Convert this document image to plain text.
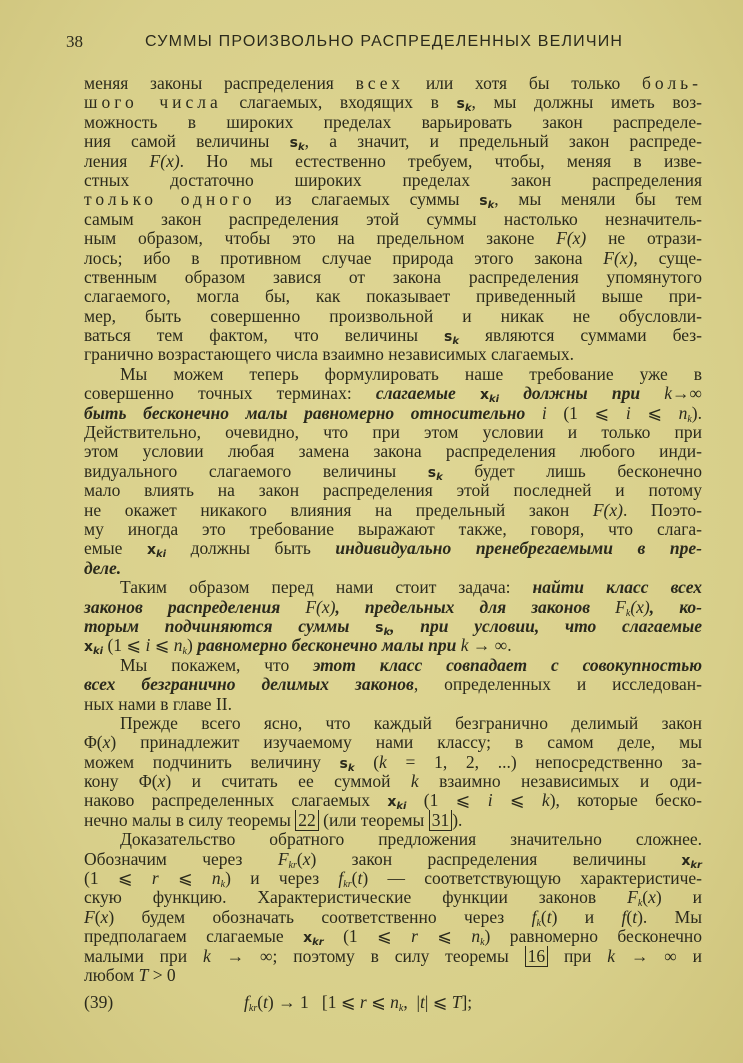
38	СУММЫ ПРОИЗВОЛЬНО РАСПРЕДЕЛЕННЫХ ВЕЛИЧИН
меняя законы распределения всех или хотя бы только боль-
шого числа слагаемых, входящих в $s_k$, мы должны иметь воз-
можность в широких пределах варьировать закон распределе-
ния самой величины $s_k$, а значит, и предельный закон распреде-
ления F(x). Но мы естественно требуем, чтобы, меняя в изве-
стных достаточно широких пределах закон распределения
только одного из слагаемых суммы $s_k$, мы меняли бы тем
самым закон распределения этой суммы настолько незначитель-
ным образом, чтобы это на предельном законе F(x) не отрази-
лось; ибо в противном случае природа этого закона F(x), суще-
ственным образом завися от закона распределения упомянутого
слагаемого, могла бы, как показывает приведенный выше при-
мер, быть совершенно произвольной и никак не обусловли-
ваться тем фактом, что величины $s_k$ являются суммами без-
гранично возрастающего числа взаимно независимых слагаемых.
Мы можем теперь формулировать наше требование уже в
совершенно точных терминах: слагаемые $x_{ki}$ должны при k→∞
быть бесконечно малы равномерно относительно i (1 ⩽ i ⩽ $n_k$).
Действительно, очевидно, что при этом условии и только при
этом условии любая замена закона распределения любого инди-
видуального слагаемого величины $s_k$ будет лишь бесконечно
мало влиять на закон распределения этой последней и потому
не окажет никакого влияния на предельный закон F(x). Поэто-
му иногда это требование выражают также, говоря, что слага-
емые $x_{ki}$ должны быть индивидуально пренебрегаемыми в пре-
деле.
Таким образом перед нами стоит задача: найти класс всех
законов распределения F(x), предельных для законов $F_k(x)$, ко-
торым подчиняются суммы $s_k$, при условии, что слагаемые
$x_{ki}$ (1 ⩽ i ⩽ $n_k$) равномерно бесконечно малы при k → ∞.
Мы покажем, что этот класс совпадает с совокупностью
всех безгранично делимых законов, определенных и исследован-
ных нами в главе II.
Прежде всего ясно, что каждый безгранично делимый закон
Φ(x) принадлежит изучаемому нами классу; в самом деле, мы
можем подчинить величину $s_k$ (k = 1, 2, ...) непосредственно за-
кону Φ(x) и считать ее суммой k взаимно независимых и оди-
наково распределенных слагаемых $x_{ki}$ (1 ⩽ i ⩽ k), которые беско-
нечно малы в силу теоремы 22 (или теоремы 31 ).
Доказательство обратного предложения значительно сложнее.
Обозначим через $F_{kr}(x)$ закон распределения величины $x_{kr}$
(1 ⩽ r ⩽ $n_k$) и через $f_{kr}(t)$ — соответствующую характеристиче-
скую функцию. Характеристические функции законов $F_k(x)$ и
F(x) будем обозначать соответственно через $f_k(t)$ и f(t). Мы
предполагаем слагаемые $x_{kr}$ (1 ⩽ r ⩽ $n_k$) равномерно бесконечно
малыми при k → ∞; поэтому в силу теоремы 16 при k → ∞ и
любом T > 0
(39)	$f_{kr}(t) \to 1$   [1 ⩽ r ⩽ $n_k$,  |t| ⩽ T];
